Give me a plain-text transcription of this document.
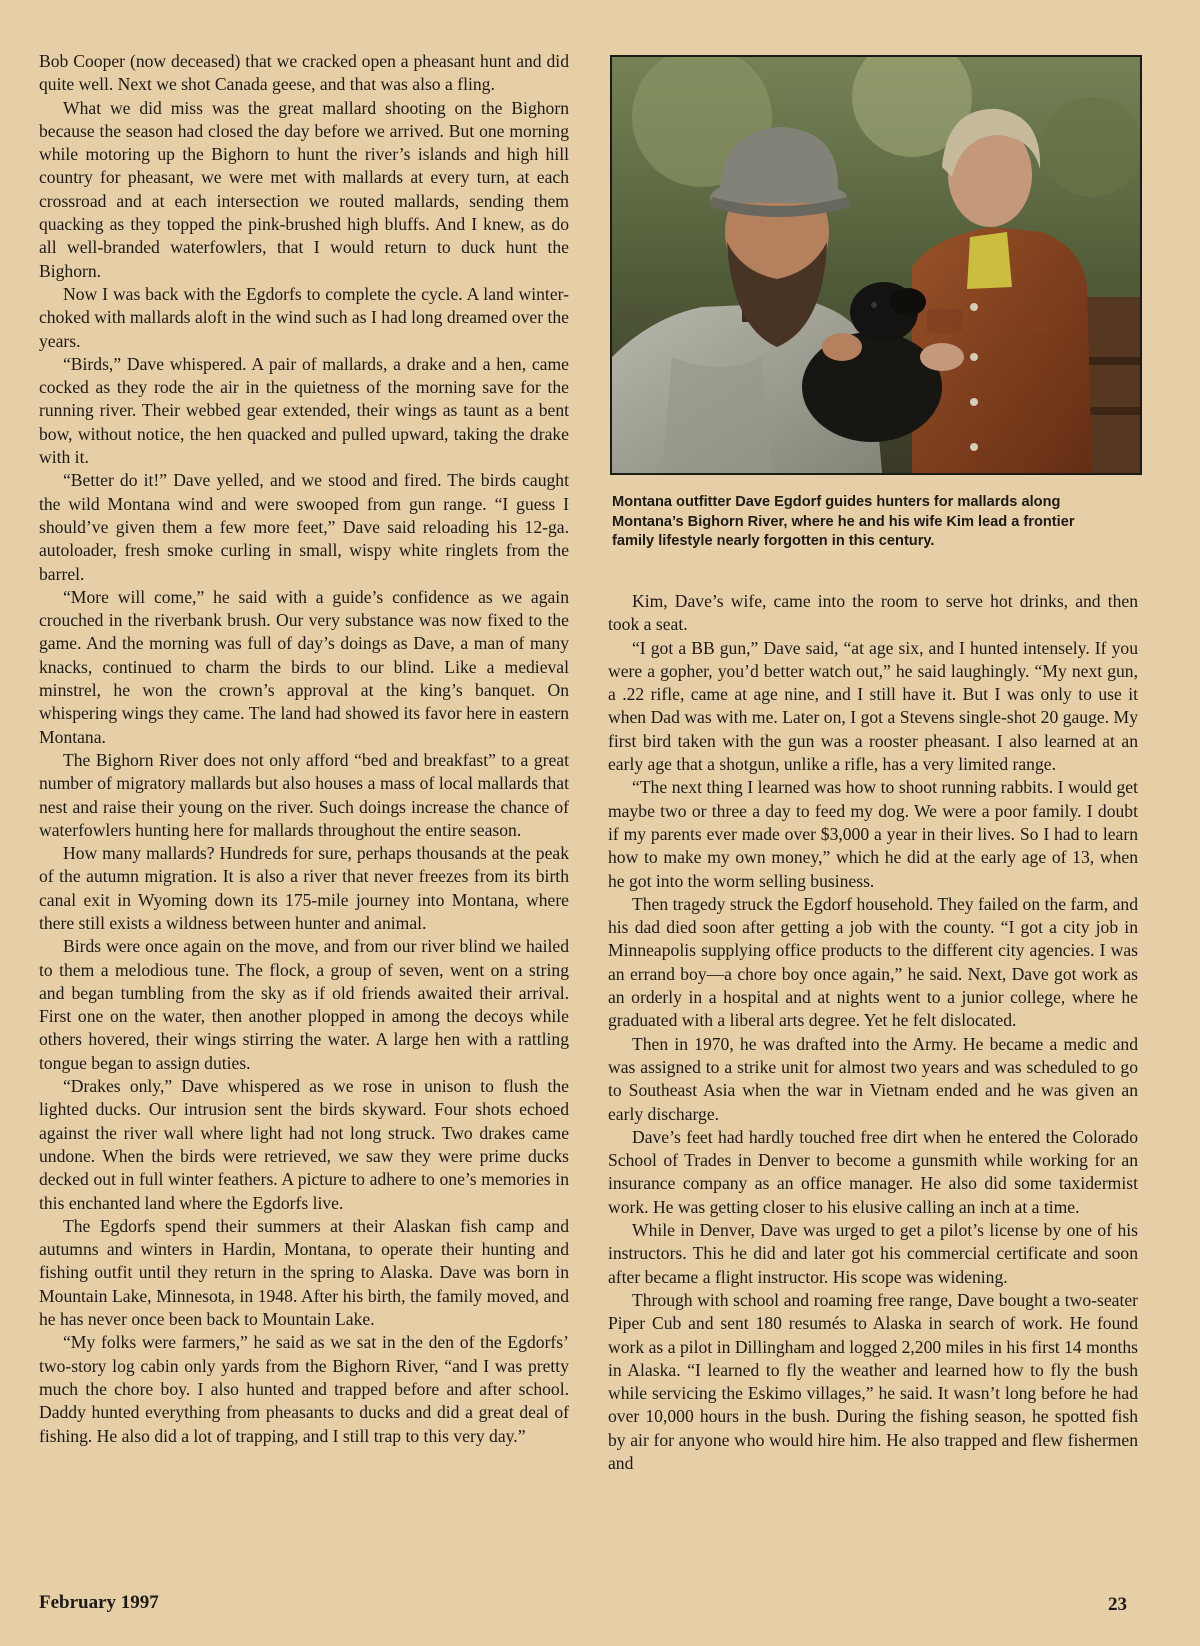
Bob Cooper (now deceased) that we cracked open a pheasant hunt and did quite well. Next we shot Canada geese, and that was also a fling.

What we did miss was the great mallard shooting on the Bighorn because the season had closed the day before we arrived. But one morning while motoring up the Bighorn to hunt the river’s islands and high hill country for pheasant, we were met with mallards at every turn, at each crossroad and at each intersection we routed mallards, sending them quacking as they topped the pink-brushed high bluffs. And I knew, as do all well-branded waterfowlers, that I would return to duck hunt the Bighorn.

Now I was back with the Egdorfs to complete the cycle. A land winter-choked with mallards aloft in the wind such as I had long dreamed over the years.

“Birds,” Dave whispered. A pair of mallards, a drake and a hen, came cocked as they rode the air in the quietness of the morning save for the running river. Their webbed gear extended, their wings as taunt as a bent bow, without notice, the hen quacked and pulled upward, taking the drake with it.

“Better do it!” Dave yelled, and we stood and fired. The birds caught the wild Montana wind and were swooped from gun range. “I guess I should’ve given them a few more feet,” Dave said reloading his 12-ga. autoloader, fresh smoke curling in small, wispy white ringlets from the barrel.

“More will come,” he said with a guide’s confidence as we again crouched in the riverbank brush. Our very substance was now fixed to the game. And the morning was full of day’s doings as Dave, a man of many knacks, continued to charm the birds to our blind. Like a medieval minstrel, he won the crown’s approval at the king’s banquet. On whispering wings they came. The land had showed its favor here in eastern Montana.

The Bighorn River does not only afford “bed and breakfast” to a great number of migratory mallards but also houses a mass of local mallards that nest and raise their young on the river. Such doings increase the chance of waterfowlers hunting here for mallards throughout the entire season.

How many mallards? Hundreds for sure, perhaps thousands at the peak of the autumn migration. It is also a river that never freezes from its birth canal exit in Wyoming down its 175-mile journey into Montana, where there still exists a wildness between hunter and animal.

Birds were once again on the move, and from our river blind we hailed to them a melodious tune. The flock, a group of seven, went on a string and began tumbling from the sky as if old friends awaited their arrival. First one on the water, then another plopped in among the decoys while others hovered, their wings stirring the water. A large hen with a rattling tongue began to assign duties.

“Drakes only,” Dave whispered as we rose in unison to flush the lighted ducks. Our intrusion sent the birds skyward. Four shots echoed against the river wall where light had not long struck. Two drakes came undone. When the birds were retrieved, we saw they were prime ducks decked out in full winter feathers. A picture to adhere to one’s memories in this enchanted land where the Egdorfs live.

The Egdorfs spend their summers at their Alaskan fish camp and autumns and winters in Hardin, Montana, to operate their hunting and fishing outfit until they return in the spring to Alaska. Dave was born in Mountain Lake, Minnesota, in 1948. After his birth, the family moved, and he has never once been back to Mountain Lake.

“My folks were farmers,” he said as we sat in the den of the Egdorfs’ two-story log cabin only yards from the Bighorn River, “and I was pretty much the chore boy. I also hunted and trapped before and after school. Daddy hunted everything from pheasants to ducks and did a great deal of fishing. He also did a lot of trapping, and I still trap to this very day.”

Montana outfitter Dave Egdorf guides hunters for mallards along Montana’s Bighorn River, where he and his wife Kim lead a frontier family lifestyle nearly forgotten in this century.

Kim, Dave’s wife, came into the room to serve hot drinks, and then took a seat.

“I got a BB gun,” Dave said, “at age six, and I hunted intensely. If you were a gopher, you’d better watch out,” he said laughingly. “My next gun, a .22 rifle, came at age nine, and I still have it. But I was only to use it when Dad was with me. Later on, I got a Stevens single-shot 20 gauge. My first bird taken with the gun was a rooster pheasant. I also learned at an early age that a shotgun, unlike a rifle, has a very limited range.

“The next thing I learned was how to shoot running rabbits. I would get maybe two or three a day to feed my dog. We were a poor family. I doubt if my parents ever made over $3,000 a year in their lives. So I had to learn how to make my own money,” which he did at the early age of 13, when he got into the worm selling business.

Then tragedy struck the Egdorf household. They failed on the farm, and his dad died soon after getting a job with the county. “I got a city job in Minneapolis supplying office products to the different city agencies. I was an errand boy—a chore boy once again,” he said. Next, Dave got work as an orderly in a hospital and at nights went to a junior college, where he graduated with a liberal arts degree. Yet he felt dislocated.

Then in 1970, he was drafted into the Army. He became a medic and was assigned to a strike unit for almost two years and was scheduled to go to Southeast Asia when the war in Vietnam ended and he was given an early discharge.

Dave’s feet had hardly touched free dirt when he entered the Colorado School of Trades in Denver to become a gunsmith while working for an insurance company as an office manager. He also did some taxidermist work. He was getting closer to his elusive calling an inch at a time.

While in Denver, Dave was urged to get a pilot’s license by one of his instructors. This he did and later got his commercial certificate and soon after became a flight instructor. His scope was widening.

Through with school and roaming free range, Dave bought a two-seater Piper Cub and sent 180 resumés to Alaska in search of work. He found work as a pilot in Dillingham and logged 2,200 miles in his first 14 months in Alaska. “I learned to fly the weather and learned how to fly the bush while servicing the Eskimo villages,” he said. It wasn’t long before he had over 10,000 hours in the bush. During the fishing season, he spotted fish by air for anyone who would hire him. He also trapped and flew fishermen and

February 1997	23
